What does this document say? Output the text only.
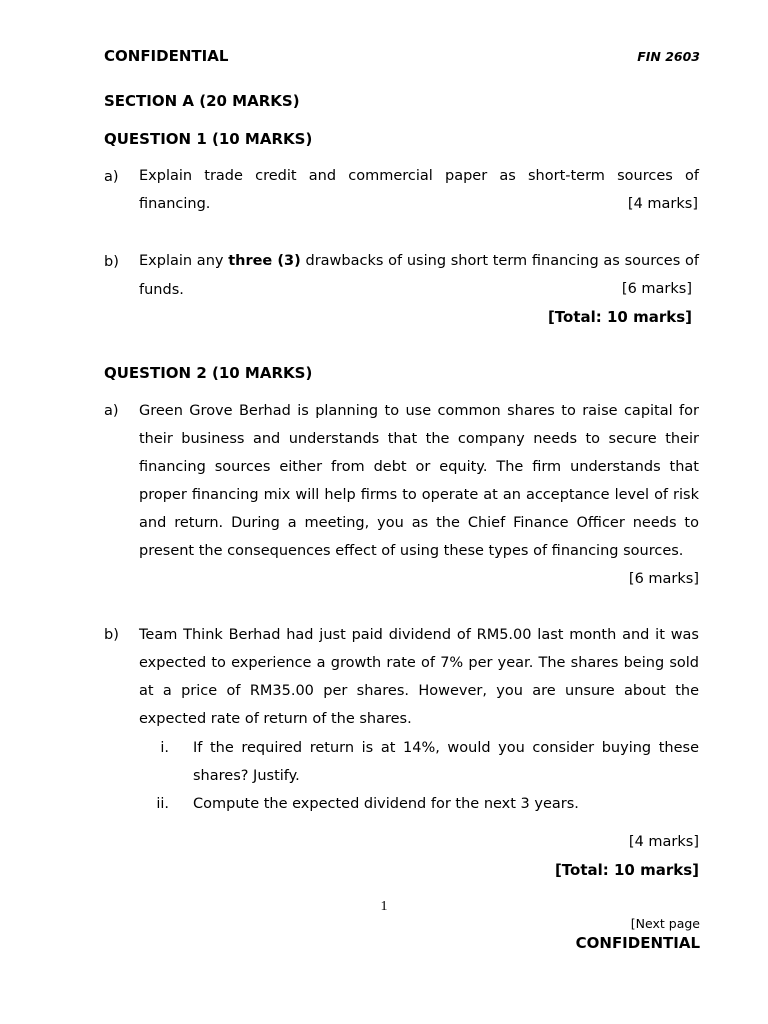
CONFIDENTIAL	FIN 2603
SECTION A (20 MARKS)
QUESTION 1 (10 MARKS)
a) Explain trade credit and commercial paper as short-term sources of financing.	[4 marks]
b) Explain any three (3) drawbacks of using short term financing as sources of
funds.	[6 marks]
[Total: 10 marks]
QUESTION 2 (10 MARKS)
a) Green Grove Berhad is planning to use common shares to raise capital for their business and understands that the company needs to secure their financing sources either from debt or equity. The firm understands that proper financing mix will help firms to operate at an acceptance level of risk and return. During a meeting, you as the Chief Finance Officer needs to present the consequences effect of using these types of financing sources.
[6 marks]
b) Team Think Berhad had just paid dividend of RM5.00 last month and it was expected to experience a growth rate of 7% per year. The shares being sold at a price of RM35.00 per shares. However, you are unsure about the expected rate of return of the shares.
i. If the required return is at 14%, would you consider buying these shares? Justify.
ii. Compute the expected dividend for the next 3 years.
[4 marks]
[Total: 10 marks]
1
[Next page
CONFIDENTIAL
